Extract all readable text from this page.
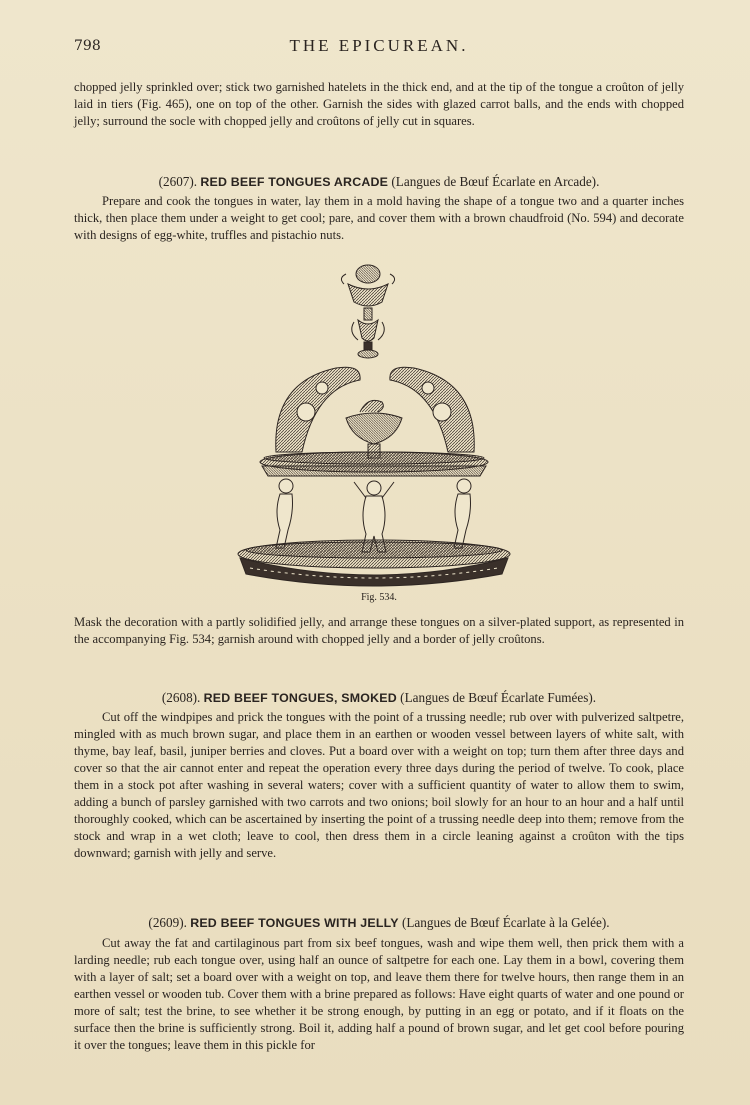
798	THE EPICUREAN.

chopped jelly sprinkled over; stick two garnished hatelets in the thick end, and at the tip of the tongue a croûton of jelly laid in tiers (Fig. 465), one on top of the other. Garnish the sides with glazed carrot balls, and the ends with chopped jelly; surround the socle with chopped jelly and croûtons of jelly cut in squares.

(2607). RED BEEF TONGUES ARCADE (Langues de Bœuf Écarlate en Arcade).

Prepare and cook the tongues in water, lay them in a mold having the shape of a tongue two and a quarter inches thick, then place them under a weight to get cool; pare, and cover them with a brown chaudfroid (No. 594) and decorate with designs of egg-white, truffles and pistachio nuts.

Fig. 534.

Mask the decoration with a partly solidified jelly, and arrange these tongues on a silver-plated support, as represented in the accompanying Fig. 534; garnish around with chopped jelly and a border of jelly croûtons.

(2608). RED BEEF TONGUES, SMOKED (Langues de Bœuf Écarlate Fumées).

Cut off the windpipes and prick the tongues with the point of a trussing needle; rub over with pulverized saltpetre, mingled with as much brown sugar, and place them in an earthen or wooden vessel between layers of white salt, with thyme, bay leaf, basil, juniper berries and cloves. Put a board over with a weight on top; turn them after three days and cover so that the air cannot enter and repeat the operation every three days during the period of twelve. To cook, place them in a stock pot after washing in several waters; cover with a sufficient quantity of water to allow them to swim, adding a bunch of parsley garnished with two carrots and two onions; boil slowly for an hour to an hour and a half until thoroughly cooked, which can be ascertained by inserting the point of a trussing needle deep into them; remove from the stock and wrap in a wet cloth; leave to cool, then dress them in a circle leaning against a croûton with the tips downward; garnish with jelly and serve.

(2609). RED BEEF TONGUES WITH JELLY (Langues de Bœuf Écarlate à la Gelée).

Cut away the fat and cartilaginous part from six beef tongues, wash and wipe them well, then prick them with a larding needle; rub each tongue over, using half an ounce of saltpetre for each one. Lay them in a bowl, covering them with a layer of salt; set a board over with a weight on top, and leave them there for twelve hours, then range them in an earthen vessel or wooden tub. Cover them with a brine prepared as follows: Have eight quarts of water and one pound or more of salt; test the brine, to see whether it be strong enough, by putting in an egg or potato, and if it floats on the surface then the brine is sufficiently strong. Boil it, adding half a pound of brown sugar, and let get cool before pouring it over the tongues; leave them in this pickle for
